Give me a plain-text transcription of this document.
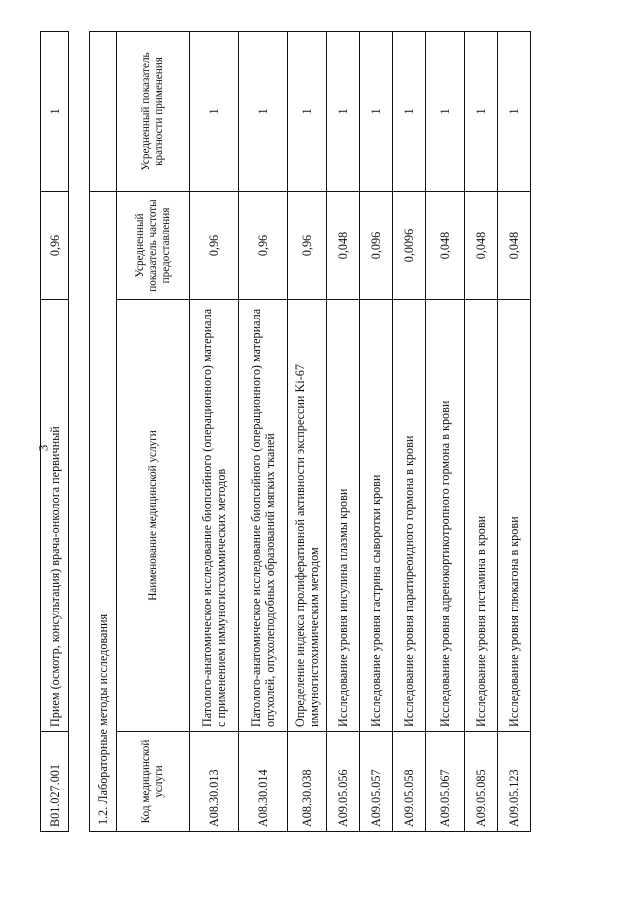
3
B01.027.001	Прием (осмотр, консультация) врача-онколога первичный	0,96	1
1.2. Лабораторные методы исследования			
Код медицинской услуги	Наименование медицинской услуги	Усредненный показатель частоты предоставления	Усредненный показатель кратности применения
A08.30.013	Патолого-анатомическое исследование биопсийного (операционного) материала с применением иммуногистохимических методов	0,96	1
A08.30.014	Патолого-анатомическое исследование биопсийного (операционного) материала опухолей, опухолеподобных образований мягких тканей	0,96	1
A08.30.038	Определение индекса пролиферативной активности экспрессии Ki-67 иммуногистохимическим методом	0,96	1
A09.05.056	Исследование уровня инсулина плазмы крови	0,048	1
A09.05.057	Исследование уровня гастрина сыворотки крови	0,096	1
A09.05.058	Исследование уровня паратиреоидного гормона в крови	0,0096	1
A09.05.067	Исследование уровня адренокортикотропного гормона в крови	0,048	1
A09.05.085	Исследование уровня гистамина в крови	0,048	1
A09.05.123	Исследование уровня глюкагона в крови	0,048	1
